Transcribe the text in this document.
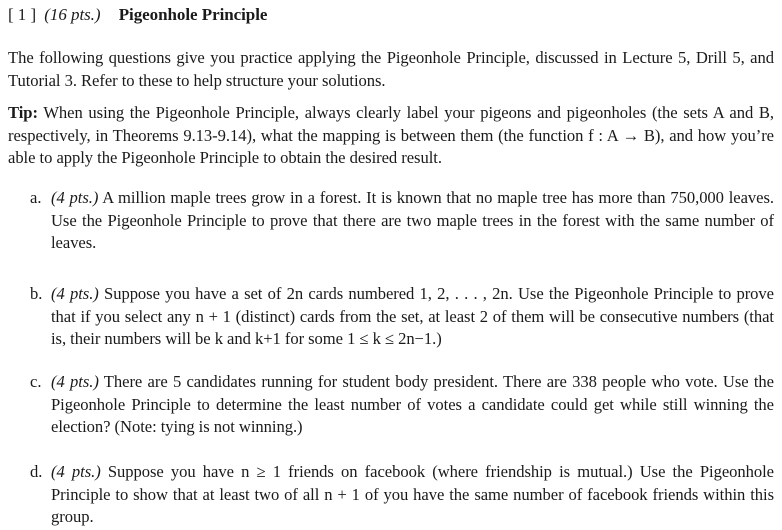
[ 1 ] (16 pts.) Pigeonhole Principle
The following questions give you practice applying the Pigeonhole Principle, discussed in Lecture 5, Drill 5, and Tutorial 3. Refer to these to help structure your solutions.
Tip: When using the Pigeonhole Principle, always clearly label your pigeons and pigeonholes (the sets A and B, respectively, in Theorems 9.13-9.14), what the mapping is between them (the function f : A → B), and how you’re able to apply the Pigeonhole Principle to obtain the desired result.
a. (4 pts.) A million maple trees grow in a forest. It is known that no maple tree has more than 750,000 leaves. Use the Pigeonhole Principle to prove that there are two maple trees in the forest with the same number of leaves.
b. (4 pts.) Suppose you have a set of 2n cards numbered 1, 2, . . . , 2n. Use the Pigeonhole Principle to prove that if you select any n + 1 (distinct) cards from the set, at least 2 of them will be consecutive numbers (that is, their numbers will be k and k+1 for some 1 ≤ k ≤ 2n−1.)
c. (4 pts.) There are 5 candidates running for student body president. There are 338 people who vote. Use the Pigeonhole Principle to determine the least number of votes a candidate could get while still winning the election? (Note: tying is not winning.)
d. (4 pts.) Suppose you have n ≥ 1 friends on facebook (where friendship is mutual.) Use the Pigeonhole Principle to show that at least two of all n + 1 of you have the same number of facebook friends within this group.
